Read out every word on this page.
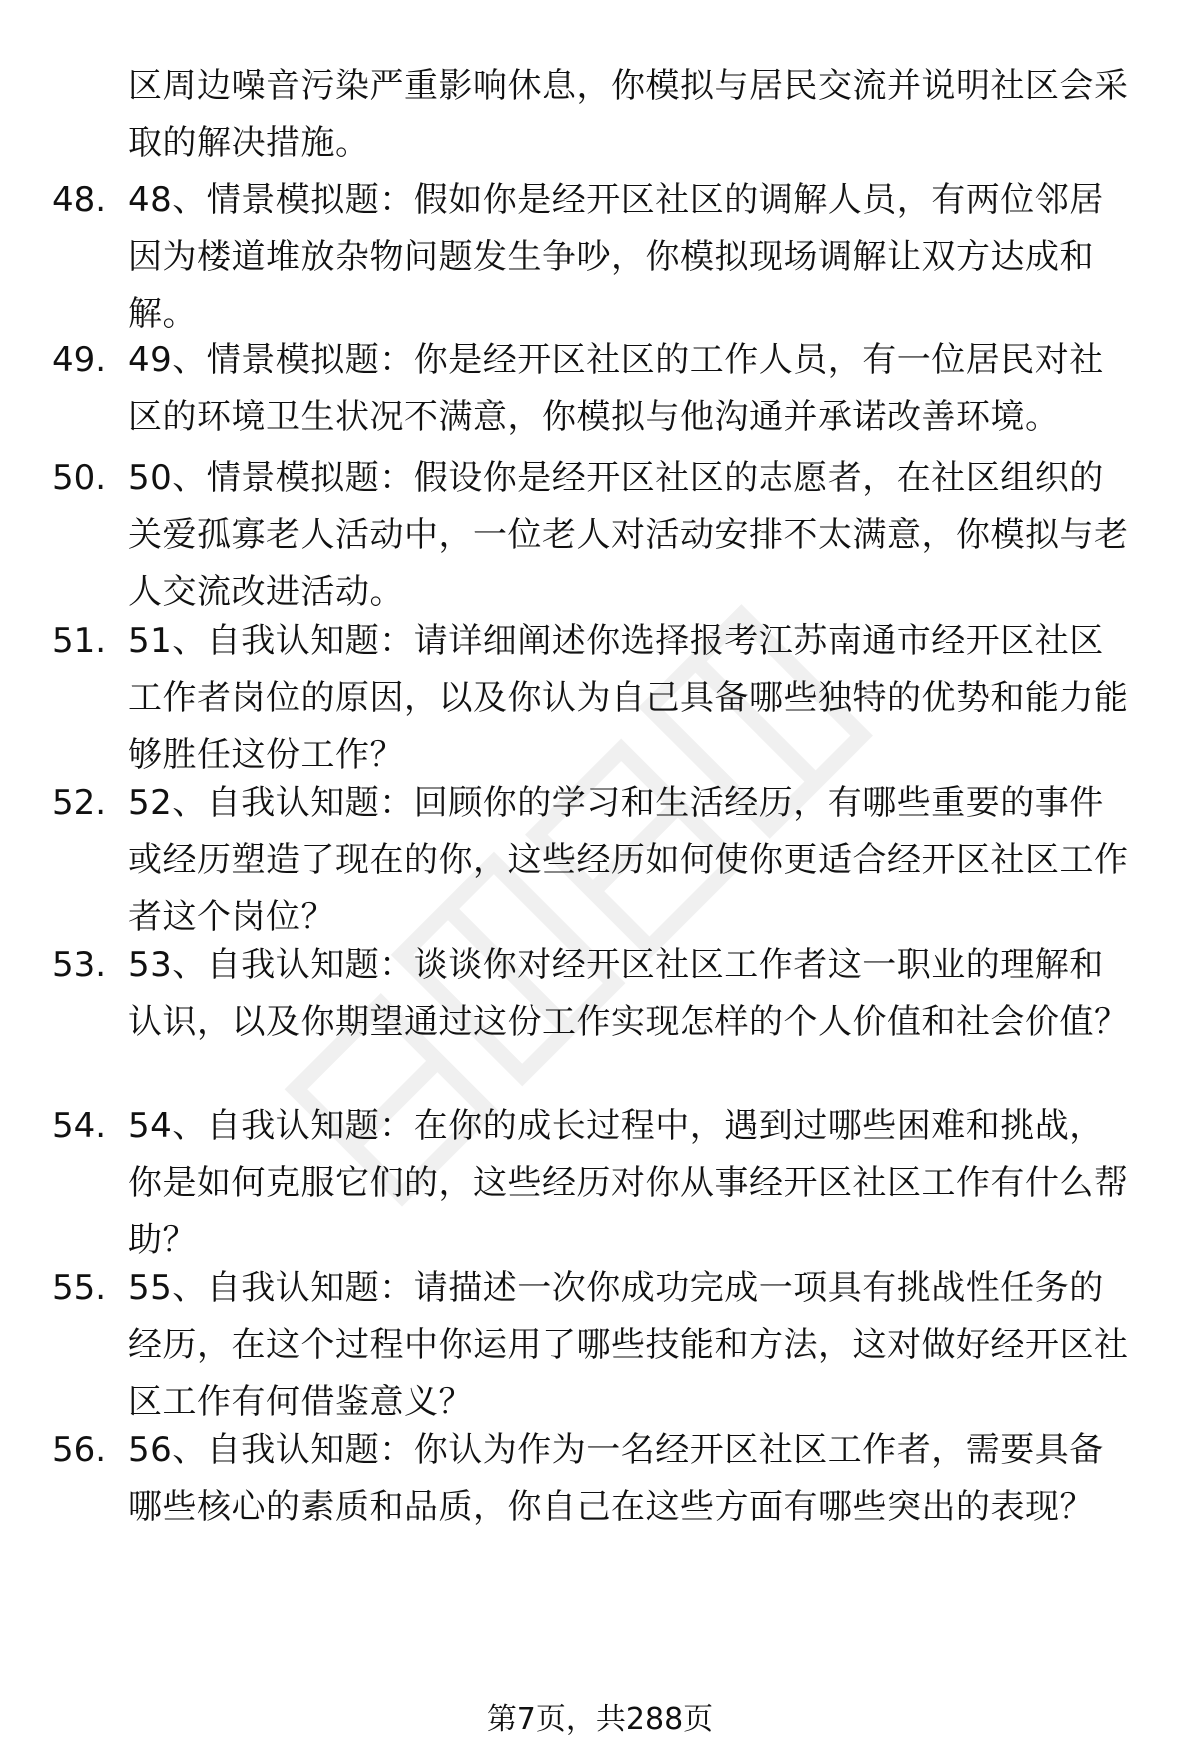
区周边噪音污染严重影响休息，你模拟与居民交流并说明社区会采取的解决措施。
48. 48、情景模拟题：假如你是经开区社区的调解人员，有两位邻居因为楼道堆放杂物问题发生争吵，你模拟现场调解让双方达成和解。
49. 49、情景模拟题：你是经开区社区的工作人员，有一位居民对社区的环境卫生状况不满意，你模拟与他沟通并承诺改善环境。
50. 50、情景模拟题：假设你是经开区社区的志愿者，在社区组织的关爱孤寡老人活动中，一位老人对活动安排不太满意，你模拟与老人交流改进活动。
51. 51、自我认知题：请详细阐述你选择报考江苏南通市经开区社区工作者岗位的原因，以及你认为自己具备哪些独特的优势和能力能够胜任这份工作？
52. 52、自我认知题：回顾你的学习和生活经历，有哪些重要的事件或经历塑造了现在的你，这些经历如何使你更适合经开区社区工作者这个岗位？
53. 53、自我认知题：谈谈你对经开区社区工作者这一职业的理解和认识，以及你期望通过这份工作实现怎样的个人价值和社会价值？
54. 54、自我认知题：在你的成长过程中，遇到过哪些困难和挑战，你是如何克服它们的，这些经历对你从事经开区社区工作有什么帮助？
55. 55、自我认知题：请描述一次你成功完成一项具有挑战性任务的经历，在这个过程中你运用了哪些技能和方法，这对做好经开区社区工作有何借鉴意义？
56. 56、自我认知题：你认为作为一名经开区社区工作者，需要具备哪些核心的素质和品质，你自己在这些方面有哪些突出的表现？
第7页，共288页
